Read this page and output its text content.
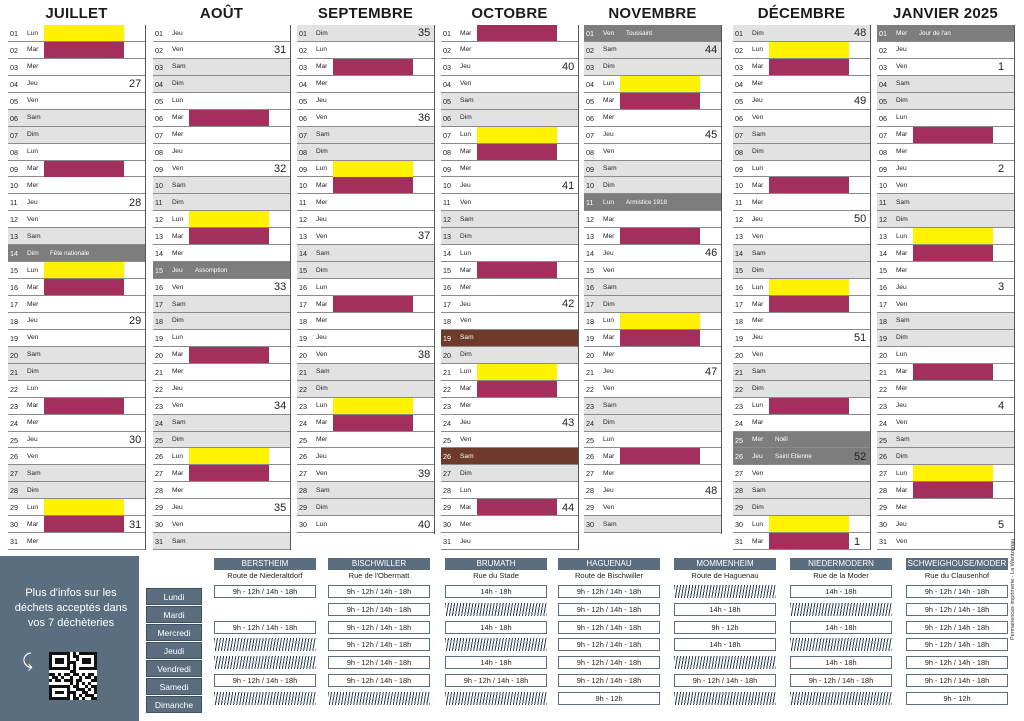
JUILLET
01 Lun
02 Mar
03 Mer
04 Jeu
05 Ven
06 Sam
07 Dim
08 Lun
09 Mar
10 Mer
11 Jeu
12 Ven
13 Sam
14 Dim Fête nationale
15 Lun
16 Mar
17 Mer
18 Jeu
19 Ven
20 Sam
21 Dim
22 Lun
23 Mar
24 Mer
25 Jeu
26 Ven
27 Sam
28 Dim
29 Lun
30 Mar
31 Mer
27
28
29
30
31
AOÛT
01 Jeu
02 Ven
03 Sam
04 Dim
05 Lun
06 Mar
07 Mer
08 Jeu
09 Ven
10 Sam
11 Dim
12 Lun
13 Mar
14 Mer
15 Jeu Assomption
16 Ven
17 Sam
18 Dim
19 Lun
20 Mar
21 Mer
22 Jeu
23 Ven
24 Sam
25 Dim
26 Lun
27 Mar
28 Mer
29 Jeu
30 Ven
31 Sam
31
32
33
34
35
SEPTEMBRE
01 Dim
02 Lun
03 Mar
04 Mer
05 Jeu
06 Ven
07 Sam
08 Dim
09 Lun
10 Mar
11 Mer
12 Jeu
13 Ven
14 Sam
15 Dim
16 Lun
17 Mar
18 Mer
19 Jeu
20 Ven
21 Sam
22 Dim
23 Lun
24 Mar
25 Mer
26 Jeu
27 Ven
28 Sam
29 Dim
30 Lun
35
36
37
38
39
40
OCTOBRE
01 Mar
02 Mer
03 Jeu
04 Ven
05 Sam
06 Dim
07 Lun
08 Mar
09 Mer
10 Jeu
11 Ven
12 Sam
13 Dim
14 Lun
15 Mar
16 Mer
17 Jeu
18 Ven
19 Sam
20 Dim
21 Lun
22 Mar
23 Mer
24 Jeu
25 Ven
26 Sam
27 Dim
28 Lun
29 Mar
30 Mer
31 Jeu
40
41
42
43
44
NOVEMBRE
01 Ven Toussaint
02 Sam
03 Dim
04 Lun
05 Mar
06 Mer
07 Jeu
08 Ven
09 Sam
10 Dim
11 Lun Armistice 1918
12 Mar
13 Mer
14 Jeu
15 Ven
16 Sam
17 Dim
18 Lun
19 Mar
20 Mer
21 Jeu
22 Ven
23 Sam
24 Dim
25 Lun
26 Mar
27 Mer
28 Jeu
29 Ven
30 Sam
44
45
46
47
48
DÉCEMBRE
01 Dim
02 Lun
03 Mar
04 Mer
05 Jeu
06 Ven
07 Sam
08 Dim
09 Lun
10 Mar
11 Mer
12 Jeu
13 Ven
14 Sam
15 Dim
16 Lun
17 Mar
18 Mer
19 Jeu
20 Ven
21 Sam
22 Dim
23 Lun
24 Mar
25 Mer Noël
26 Jeu Saint Etienne
27 Ven
28 Sam
29 Dim
30 Lun
31 Mar
48
49
50
51
52
1
JANVIER 2025
01 Mer Jour de l'an
02 Jeu
03 Ven
04 Sam
05 Dim
06 Lun
07 Mar
08 Mer
09 Jeu
10 Ven
11 Sam
12 Dim
13 Lun
14 Mar
15 Mer
16 Jeu
17 Ven
18 Sam
19 Dim
20 Lun
21 Mar
22 Mer
23 Jeu
24 Ven
25 Sam
26 Dim
27 Lun
28 Mar
29 Mer
30 Jeu
31 Ven
1
2
3
4
5
Plus d'infos sur les déchets acceptés dans vos 7 déchèteries
⤹
Lundi
Mardi
Mercredi
Jeudi
Vendredi
Samedi
Dimanche
BERSTHEIM
Route de Niederaltdorf
9h - 12h / 14h - 18h
9h - 12h / 14h - 18h
9h - 12h / 14h - 18h
BISCHWILLER
Rue de l'Obermatt
9h - 12h / 14h - 18h
9h - 12h / 14h - 18h
9h - 12h / 14h - 18h
9h - 12h / 14h - 18h
9h - 12h / 14h - 18h
9h - 12h / 14h - 18h
BRUMATH
Rue du Stade
14h - 18h
14h - 18h
14h - 18h
9h - 12h / 14h - 18h
HAGUENAU
Route de Bischwiller
9h - 12h / 14h - 18h
9h - 12h / 14h - 18h
9h - 12h / 14h - 18h
9h - 12h / 14h - 18h
9h - 12h / 14h - 18h
9h - 12h / 14h - 18h
9h - 12h
MOMMENHEIM
Route de Haguenau
14h - 18h
9h - 12h
14h - 18h
9h - 12h / 14h - 18h
NIEDERMODERN
Rue de la Moder
14h - 18h
14h - 18h
14h - 18h
9h - 12h / 14h - 18h
SCHWEIGHOUSE/MODER
Rue du Clausenhof
9h - 12h / 14h - 18h
9h - 12h / 14h - 18h
9h - 12h / 14h - 18h
9h - 12h / 14h - 18h
9h - 12h / 14h - 18h
9h - 12h / 14h - 18h
9h - 12h
Permanences imprimerie - La Wantzenau
